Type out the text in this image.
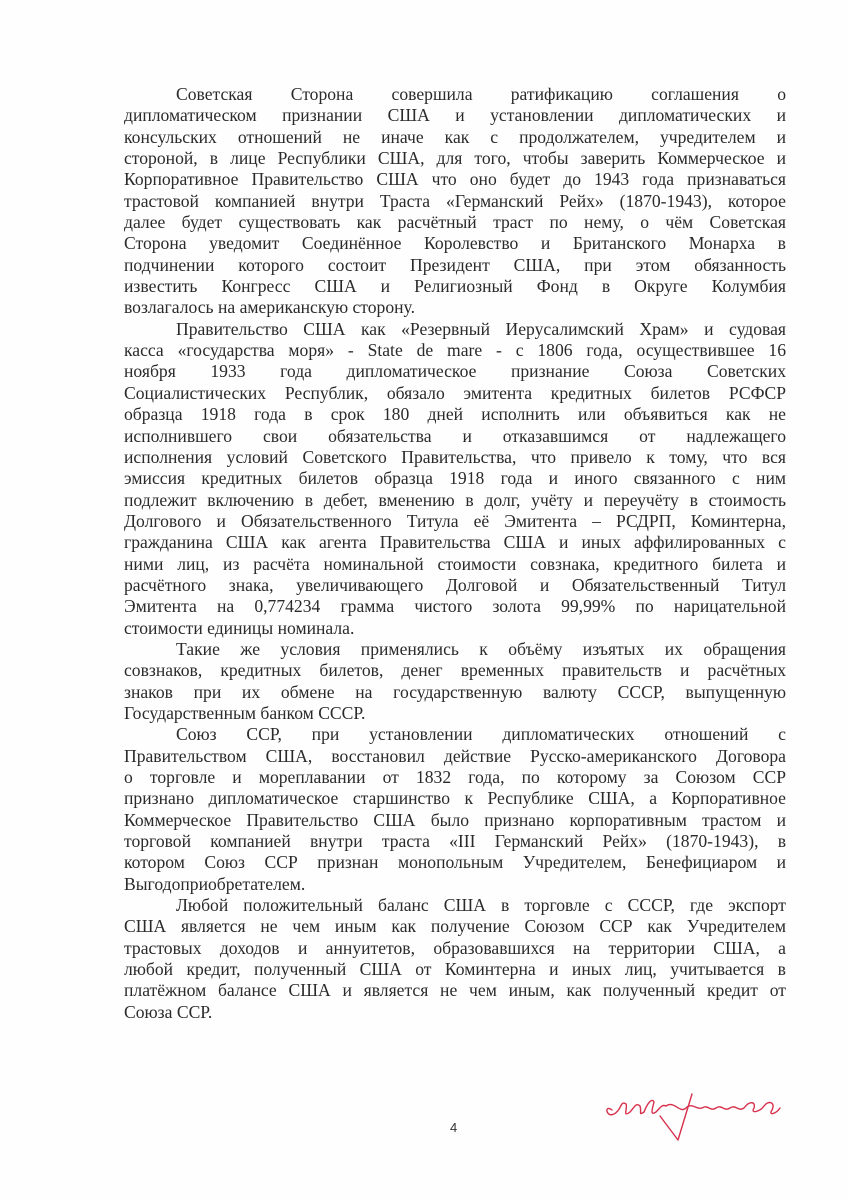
Советская Сторона совершила ратификацию соглашения о
дипломатическом признании США и установлении дипломатических и
консульских отношений не иначе как с продолжателем, учредителем и
стороной, в лице Республики США, для того, чтобы заверить Коммерческое и
Корпоративное Правительство США что оно будет до 1943 года признаваться
трастовой компанией внутри Траста «Германский Рейх» (1870-1943), которое
далее будет существовать как расчётный траст по нему, о чём Советская
Сторона уведомит Соединённое Королевство и Британского Монарха в
подчинении которого состоит Президент США, при этом обязанность
известить Конгресс США и Религиозный Фонд в Округе Колумбия
возлагалось на американскую сторону.
Правительство США как «Резервный Иерусалимский Храм» и судовая
касса «государства моря» - State de mare - с 1806 года, осуществившее 16
ноября 1933 года дипломатическое признание Союза Советских
Социалистических Республик, обязало эмитента кредитных билетов РСФСР
образца 1918 года в срок 180 дней исполнить или объявиться как не
исполнившего свои обязательства и отказавшимся от надлежащего
исполнения условий Советского Правительства, что привело к тому, что вся
эмиссия кредитных билетов образца 1918 года и иного связанного с ним
подлежит включению в дебет, вменению в долг, учёту и переучёту в стоимость
Долгового и Обязательственного Титула её Эмитента – РСДРП, Коминтерна,
гражданина США как агента Правительства США и иных аффилированных с
ними лиц, из расчёта номинальной стоимости совзнака, кредитного билета и
расчётного знака, увеличивающего Долговой и Обязательственный Титул
Эмитента на 0,774234 грамма чистого золота 99,99% по нарицательной
стоимости единицы номинала.
Такие же условия применялись к объёму изъятых их обращения
совзнаков, кредитных билетов, денег временных правительств и расчётных
знаков при их обмене на государственную валюту СССР, выпущенную
Государственным банком СССР.
Союз ССР, при установлении дипломатических отношений с
Правительством США, восстановил действие Русско-американского Договора
о торговле и мореплавании от 1832 года, по которому за Союзом ССР
признано дипломатическое старшинство к Республике США, а Корпоративное
Коммерческое Правительство США было признано корпоративным трастом и
торговой компанией внутри траста «III Германский Рейх» (1870-1943), в
котором Союз ССР признан монопольным Учредителем, Бенефициаром и
Выгодоприобретателем.
Любой положительный баланс США в торговле с СССР, где экспорт
США является не чем иным как получение Союзом ССР как Учредителем
трастовых доходов и аннуитетов, образовавшихся на территории США, а
любой кредит, полученный США от Коминтерна и иных лиц, учитывается в
платёжном балансе США и является не чем иным, как полученный кредит от
Союза ССР.
4
